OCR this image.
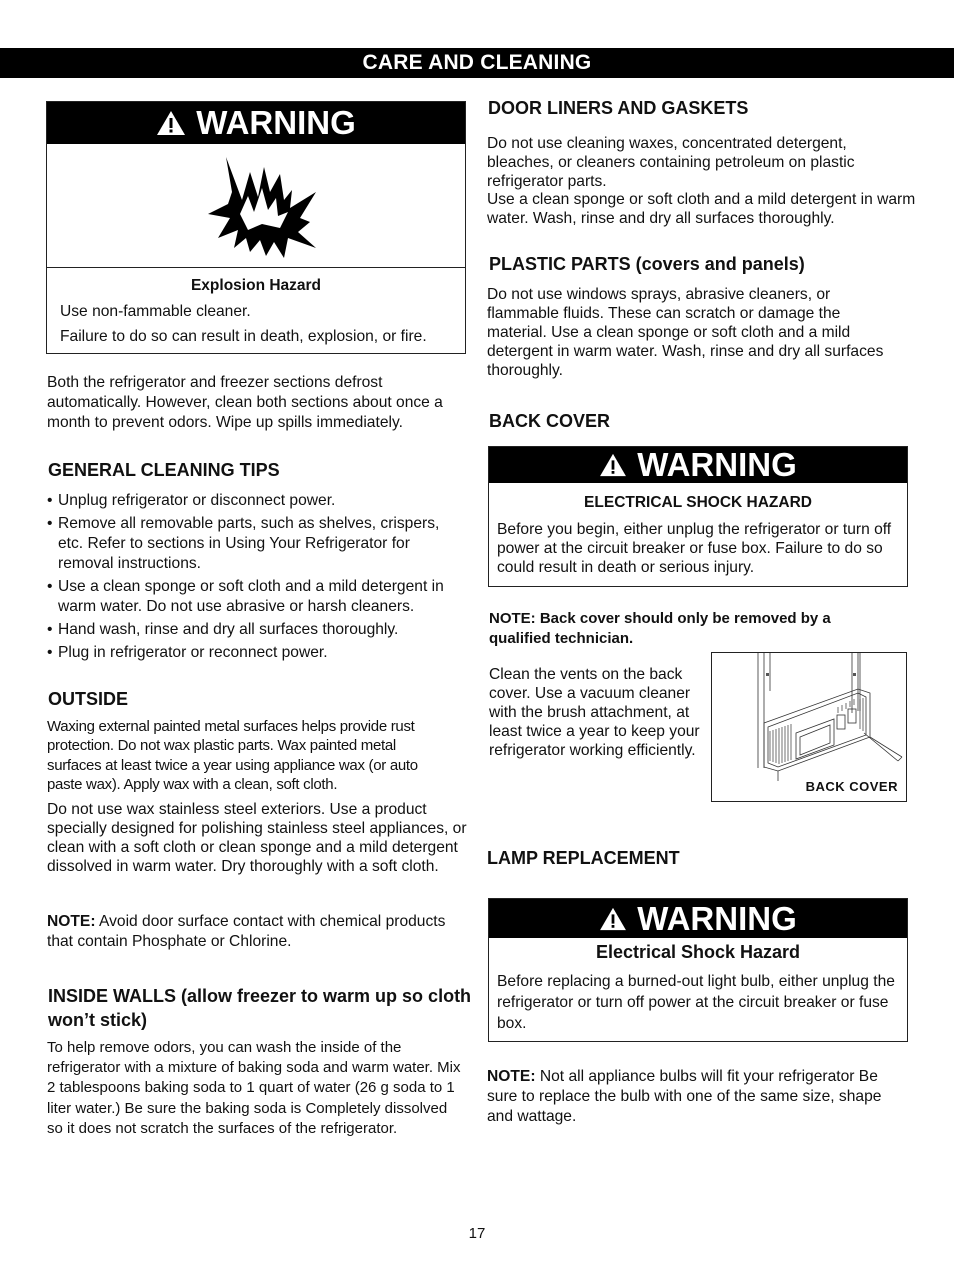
CARE AND CLEANING
WARNING
Explosion Hazard
Use non-fammable cleaner.
Failure to do so can result in death, explosion, or fire.
Both the refrigerator and freezer sections defrost automatically. However, clean both sections about once a month to prevent odors. Wipe up spills immediately.
GENERAL CLEANING TIPS
• Unplug refrigerator or disconnect power.
• Remove all removable parts, such as shelves, crispers, etc. Refer to sections in Using Your Refrigerator for removal instructions.
• Use a clean sponge or soft cloth and a mild detergent in warm water. Do not use abrasive or harsh cleaners.
• Hand wash, rinse and dry all surfaces thoroughly.
• Plug in refrigerator or reconnect power.
OUTSIDE
Waxing external painted metal surfaces helps provide rust protection. Do not wax plastic parts. Wax painted metal surfaces at least twice a year using appliance wax (or auto paste wax). Apply wax with a clean, soft cloth.
Do not use wax stainless steel exteriors. Use a product specially designed for polishing stainless steel appliances, or clean with a soft cloth or clean sponge and a mild detergent dissolved in warm water. Dry thoroughly with a soft cloth.
NOTE: Avoid door surface contact with chemical products that contain Phosphate or Chlorine.
INSIDE WALLS (allow freezer to warm up so cloth won’t stick)
To help remove odors, you can wash the inside of the refrigerator with a mixture of baking soda and warm water. Mix 2 tablespoons baking soda to 1 quart of water (26 g soda to 1 liter water.) Be sure the baking soda is Completely dissolved so it does not scratch the surfaces of the refrigerator.
DOOR LINERS AND GASKETS
Do not use cleaning waxes, concentrated detergent, bleaches, or cleaners containing petroleum on plastic refrigerator parts.
Use a clean sponge or soft cloth and a mild detergent in warm water. Wash, rinse and dry all surfaces thoroughly.
PLASTIC PARTS (covers and panels)
Do not use windows sprays, abrasive cleaners, or flammable fluids. These can scratch or damage the material. Use a clean sponge or soft cloth and a mild detergent in warm water. Wash, rinse and dry all surfaces thoroughly.
BACK COVER
WARNING
ELECTRICAL SHOCK HAZARD
Before you begin, either unplug the refrigerator or turn off power at the circuit breaker or fuse box. Failure to do so could result in death or serious injury.
NOTE: Back cover should only be removed by a qualified technician.
Clean the vents on the back cover. Use a vacuum cleaner with the brush attachment, at least twice a year to keep your refrigerator working efficiently.
BACK COVER
LAMP REPLACEMENT
WARNING
Electrical Shock Hazard
Before replacing a burned-out light bulb, either unplug the refrigerator or turn off power at the circuit breaker or fuse box.
NOTE: Not all appliance bulbs will fit your refrigerator Be sure to replace the bulb with one of the same size, shape and wattage.
17
